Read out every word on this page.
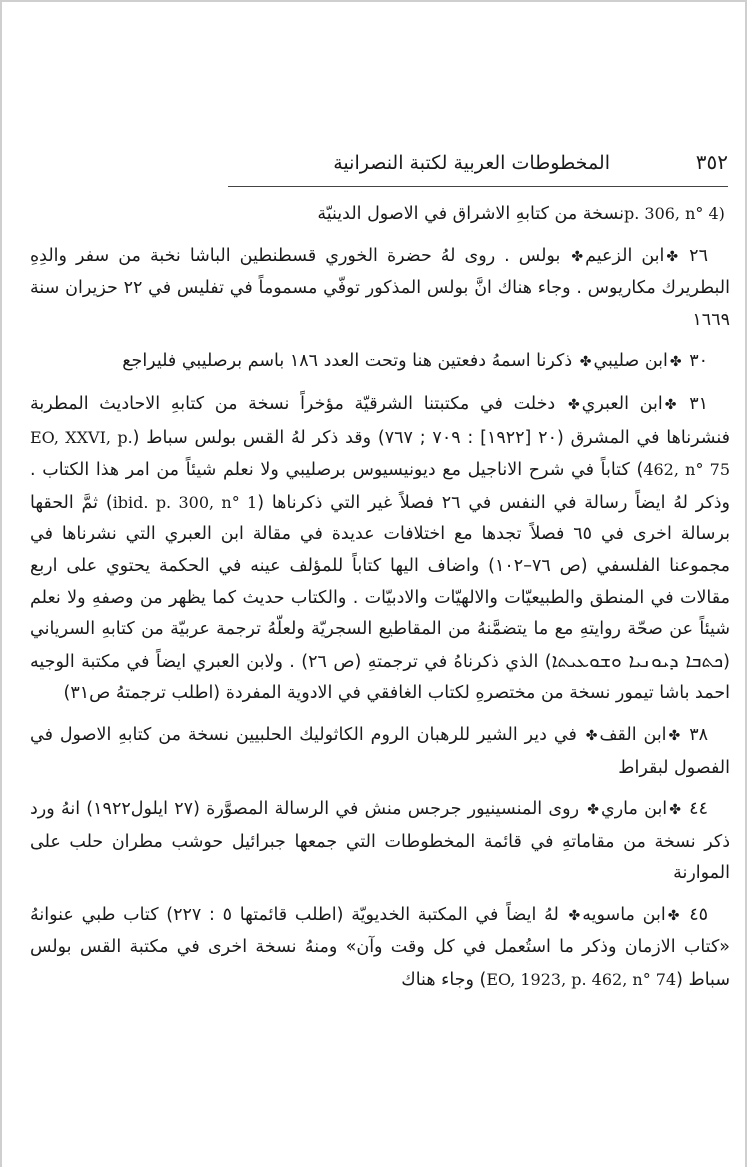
٣٥٢
المخطوطات العربية لكتبة النصرانية

p. 306, n° 4) نسخة من كتابهِ الاشراق في الاصول الدينيّة

٢٦ ✤ابن الزعيم✤ بولس . روى لهُ حضرة الخوري قسطنطين الباشا نخبة من سفر والدِهِ البطريرك مكاريوس . وجاء هناك انَّ بولس المذكور توفّي مسموماً في تفليس في ٢٢ حزيران سنة ١٦٦٩

٣٠ ✤ابن صليبي✤ ذكرنا اسمهُ دفعتين هنا وتحت العدد ١٨٦ باسم برصليبي فليراجع

٣١ ✤ابن العبري✤ دخلت في مكتبتنا الشرقيّة مؤخراً نسخة من كتابهِ الاحاديث المطربة فنشرناها في المشرق (٢٠ [١٩٢٢] : ٧٠٩ ; ٧٦٧) وقد ذكر لهُ القس بولس سباط (EO, XXVI, p. 462, n° 75) كتاباً في شرح الاناجيل مع ديونيسيوس برصليبي ولا نعلم شيئاً من امر هذا الكتاب . وذكر لهُ ايضاً رسالة في النفس في ٢٦ فصلاً غير التي ذكرناها (ibid. p. 300, n° 1) ثمَّ الحقها برسالة اخرى في ٦٥ فصلاً تجدها مع اختلافات عديدة في مقالة ابن العبري التي نشرناها في مجموعنا الفلسفي (ص ٧٦–١٠٢) واضاف اليها كتاباً للمؤلف عينه في الحكمة يحتوي على اربع مقالات في المنطق والطبيعيّات والالهيّات والادبيّات . والكتاب حديث كما يظهر من وصفهِ ولا نعلم شيئاً عن صحّة روايتهِ مع ما يتضمَّنهُ من المقاطيع السجريّة ولعلّهُ ترجمة عربيّة من كتابهِ السرياني (ܟܬܒܐ ܕܝܘܢܝܐ ܘܫܘܥܝܬܐ) الذي ذكرناهُ في ترجمتهِ (ص ٢٦) . ولابن العبري ايضاً في مكتبة الوجيه احمد باشا تيمور نسخة من مختصرهِ لكتاب الغافقي في الادوية المفردة (اطلب ترجمتهُ ص٣١)

٣٨ ✤ابن القف✤ في دير الشير للرهبان الروم الكاثوليك الحلبيين نسخة من كتابهِ الاصول في الفصول لبقراط

٤٤ ✤ابن ماري✤ روى المنسينيور جرجس منش في الرسالة المصوَّرة (٢٧ ايلول١٩٢٢) انهُ ورد ذكر نسخة من مقاماتهِ في قائمة المخطوطات التي جمعها جبرائيل حوشب مطران حلب على الموارنة

٤٥ ✤ابن ماسويه✤ لهُ ايضاً في المكتبة الخديويّة (اطلب قائمتها ٥ : ٢٢٧) كتاب طبي عنوانهُ «كتاب الازمان وذكر ما استُعمل في كل وقت وآن» ومنهُ نسخة اخرى في مكتبة القس بولس سباط (EO, 1923, p. 462, n° 74) وجاء هناك
